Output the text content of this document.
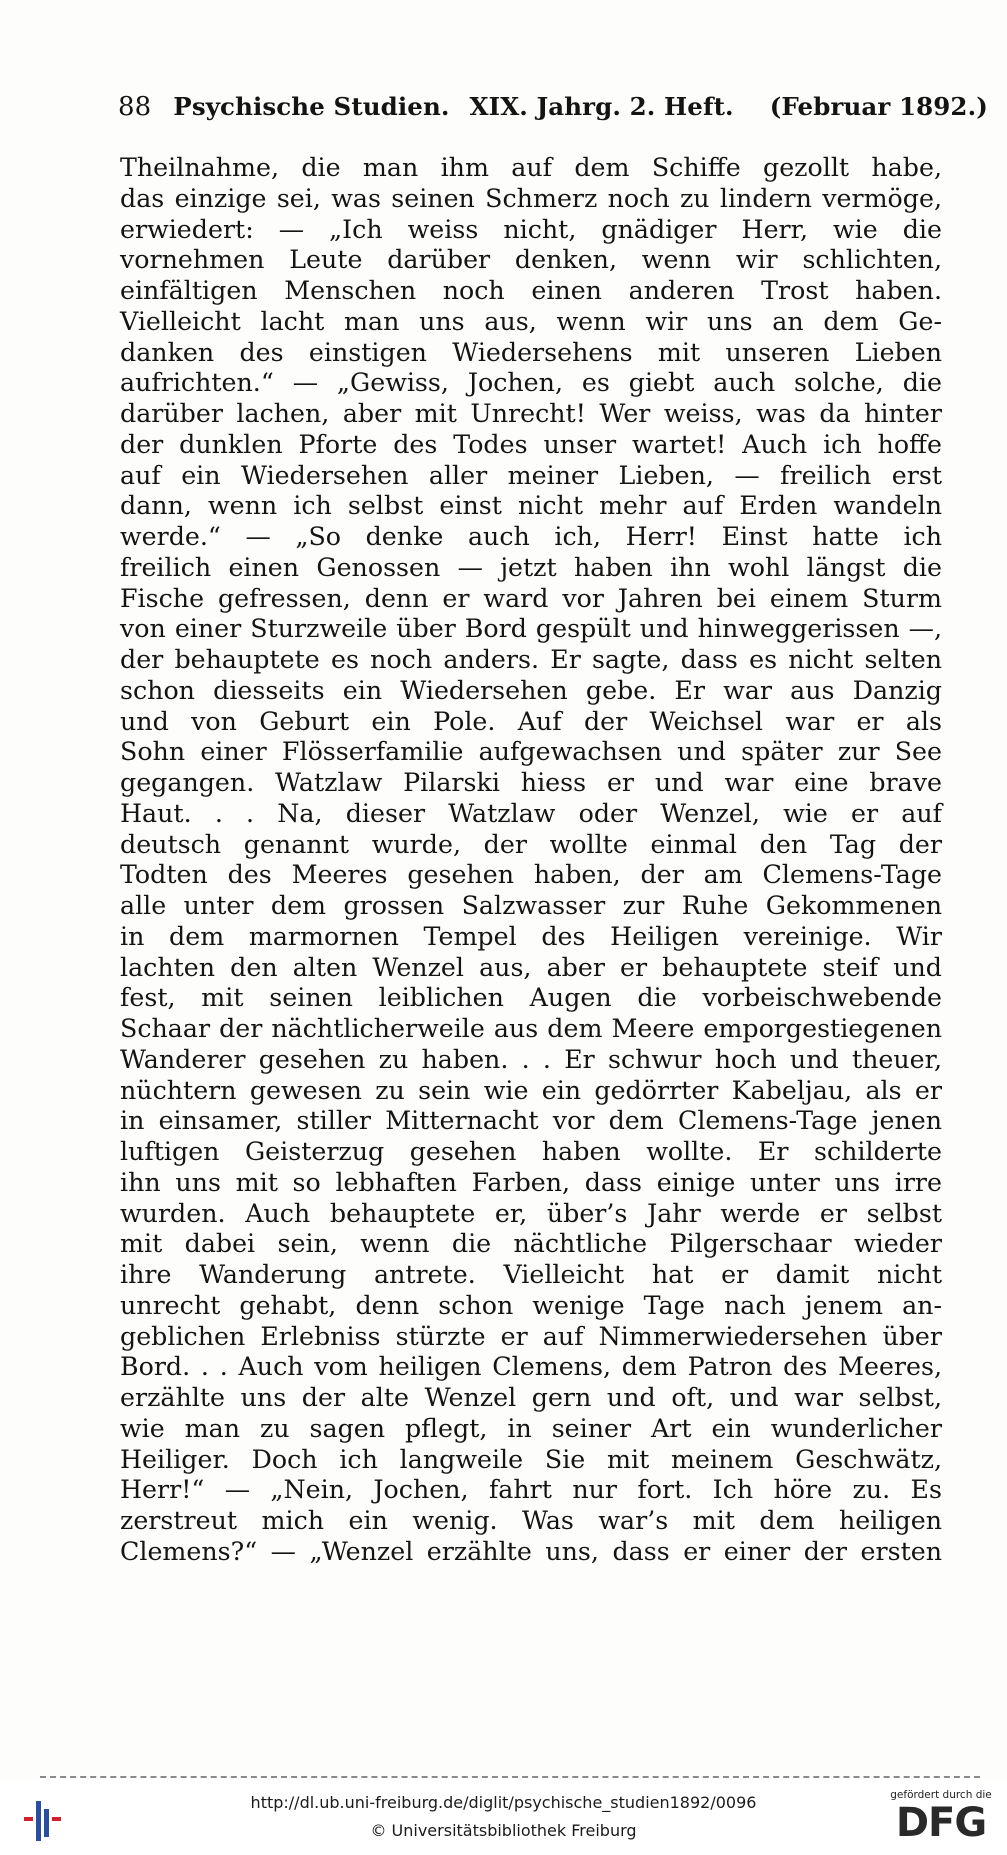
88 Psychische Studien. XIX. Jahrg. 2. Heft. (Februar 1892.)
Theilnahme, die man ihm auf dem Schiffe gezollt habe,
das einzige sei, was seinen Schmerz noch zu lindern vermöge,
erwiedert: — „Ich weiss nicht, gnädiger Herr, wie die
vornehmen Leute darüber denken, wenn wir schlichten,
einfältigen Menschen noch einen anderen Trost haben.
Vielleicht lacht man uns aus, wenn wir uns an dem Ge-
danken des einstigen Wiedersehens mit unseren Lieben
aufrichten.“ — „Gewiss, Jochen, es giebt auch solche, die
darüber lachen, aber mit Unrecht! Wer weiss, was da hinter
der dunklen Pforte des Todes unser wartet! Auch ich hoffe
auf ein Wiedersehen aller meiner Lieben, — freilich erst
dann, wenn ich selbst einst nicht mehr auf Erden wandeln
werde.“ — „So denke auch ich, Herr! Einst hatte ich
freilich einen Genossen — jetzt haben ihn wohl längst die
Fische gefressen, denn er ward vor Jahren bei einem Sturm
von einer Sturzweile über Bord gespült und hinweggerissen —,
der behauptete es noch anders. Er sagte, dass es nicht selten
schon diesseits ein Wiedersehen gebe. Er war aus Danzig
und von Geburt ein Pole. Auf der Weichsel war er als
Sohn einer Flösserfamilie aufgewachsen und später zur See
gegangen. Watzlaw Pilarski hiess er und war eine brave
Haut. . . Na, dieser Watzlaw oder Wenzel, wie er auf
deutsch genannt wurde, der wollte einmal den Tag der
Todten des Meeres gesehen haben, der am Clemens-Tage
alle unter dem grossen Salzwasser zur Ruhe Gekommenen
in dem marmornen Tempel des Heiligen vereinige. Wir
lachten den alten Wenzel aus, aber er behauptete steif und
fest, mit seinen leiblichen Augen die vorbeischwebende
Schaar der nächtlicherweile aus dem Meere emporgestiegenen
Wanderer gesehen zu haben. . . Er schwur hoch und theuer,
nüchtern gewesen zu sein wie ein gedörrter Kabeljau, als er
in einsamer, stiller Mitternacht vor dem Clemens-Tage jenen
luftigen Geisterzug gesehen haben wollte. Er schilderte
ihn uns mit so lebhaften Farben, dass einige unter uns irre
wurden. Auch behauptete er, über’s Jahr werde er selbst
mit dabei sein, wenn die nächtliche Pilgerschaar wieder
ihre Wanderung antrete. Vielleicht hat er damit nicht
unrecht gehabt, denn schon wenige Tage nach jenem an-
geblichen Erlebniss stürzte er auf Nimmerwiedersehen über
Bord. . . Auch vom heiligen Clemens, dem Patron des Meeres,
erzählte uns der alte Wenzel gern und oft, und war selbst,
wie man zu sagen pflegt, in seiner Art ein wunderlicher
Heiliger. Doch ich langweile Sie mit meinem Geschwätz,
Herr!“ — „Nein, Jochen, fahrt nur fort. Ich höre zu. Es
zerstreut mich ein wenig. Was war’s mit dem heiligen
Clemens?“ — „Wenzel erzählte uns, dass er einer der ersten
http://dl.ub.uni-freiburg.de/diglit/psychische_studien1892/0096
© Universitätsbibliothek Freiburg
gefördert durch die
DFG
